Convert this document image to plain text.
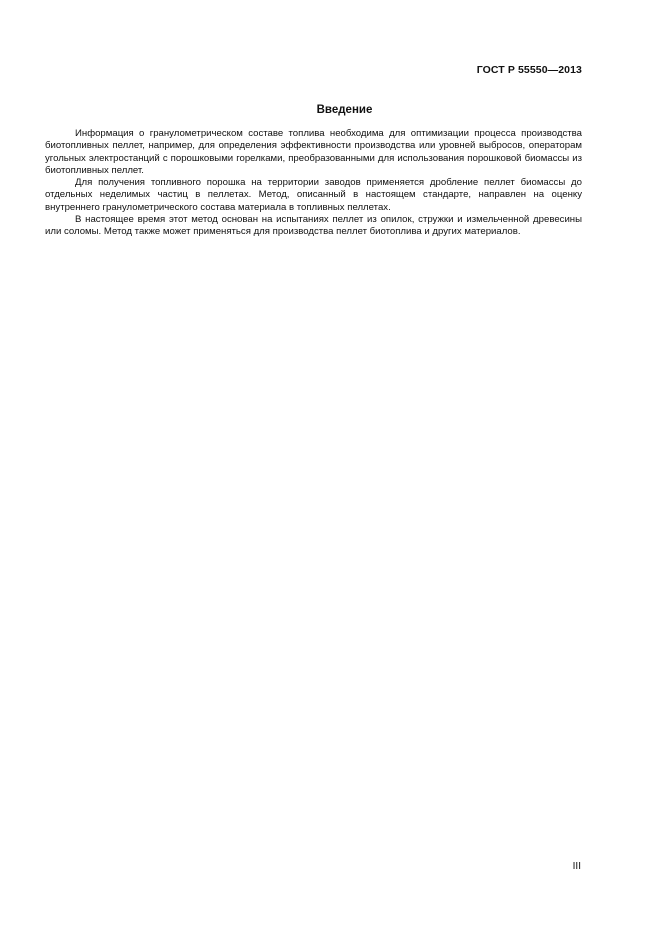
ГОСТ Р 55550—2013
Введение

Информация о гранулометрическом составе топлива необходима для оптимизации процесса производства биотопливных пеллет, например, для определения эффективности производства или уровней выбросов, операторам угольных электростанций с порошковыми горелками, преобразованными для использования порошковой биомассы из биотопливных пеллет.

Для получения топливного порошка на территории заводов применяется дробление пеллет биомассы до отдельных неделимых частиц в пеллетах. Метод, описанный в настоящем стандарте, направлен на оценку внутреннего гранулометрического состава материала в топливных пеллетах.

В настоящее время этот метод основан на испытаниях пеллет из опилок, стружки и измельченной древесины или соломы. Метод также может применяться для производства пеллет биотоплива и других материалов.

III
